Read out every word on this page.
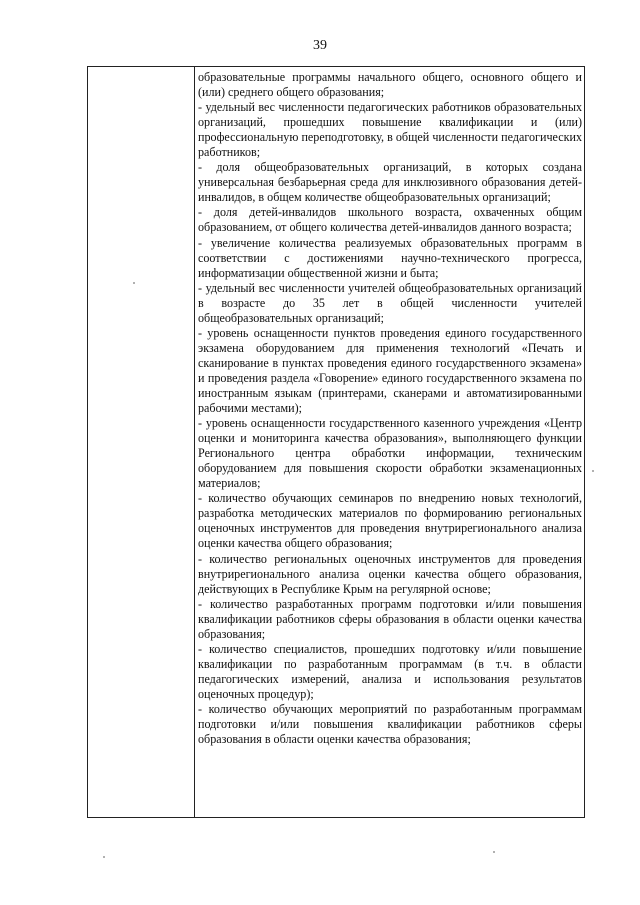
39

образовательные программы начального общего, основного общего и (или) среднего общего образования;

- удельный вес численности педагогических работников образовательных организаций, прошедших повышение квалификации и (или) профессиональную переподготовку, в общей численности педагогических работников;

- доля общеобразовательных организаций, в которых создана универсальная безбарьерная среда для инклюзивного образования детей-инвалидов, в общем количестве общеобразовательных организаций;

- доля детей-инвалидов школьного возраста, охваченных общим образованием, от общего количества детей-инвалидов данного возраста;

- увеличение количества реализуемых образовательных программ в соответствии с достижениями научно-технического прогресса, информатизации общественной жизни и быта;

- удельный вес численности учителей общеобразовательных организаций в возрасте до 35 лет в общей численности учителей общеобразовательных организаций;

- уровень оснащенности пунктов проведения единого государственного экзамена оборудованием для применения технологий «Печать и сканирование в пунктах проведения единого государственного экзамена» и проведения раздела «Говорение» единого государственного экзамена по иностранным языкам (принтерами, сканерами и автоматизированными рабочими местами);

- уровень оснащенности государственного казенного учреждения «Центр оценки и мониторинга качества образования», выполняющего функции Регионального центра обработки информации, техническим оборудованием для повышения скорости обработки экзаменационных материалов;

- количество обучающих семинаров по внедрению новых технологий, разработка методических материалов по формированию региональных оценочных инструментов для проведения внутрирегионального анализа оценки качества общего образования;

- количество региональных оценочных инструментов для проведения внутрирегионального анализа оценки качества общего образования, действующих в Республике Крым на регулярной основе;

- количество разработанных программ подготовки и/или повышения квалификации работников сферы образования в области оценки качества образования;

- количество специалистов, прошедших подготовку и/или повышение квалификации по разработанным программам (в т.ч. в области педагогических измерений, анализа и использования результатов оценочных процедур);

- количество обучающих мероприятий по разработанным программам подготовки и/или повышения квалификации работников сферы образования в области оценки качества образования;
